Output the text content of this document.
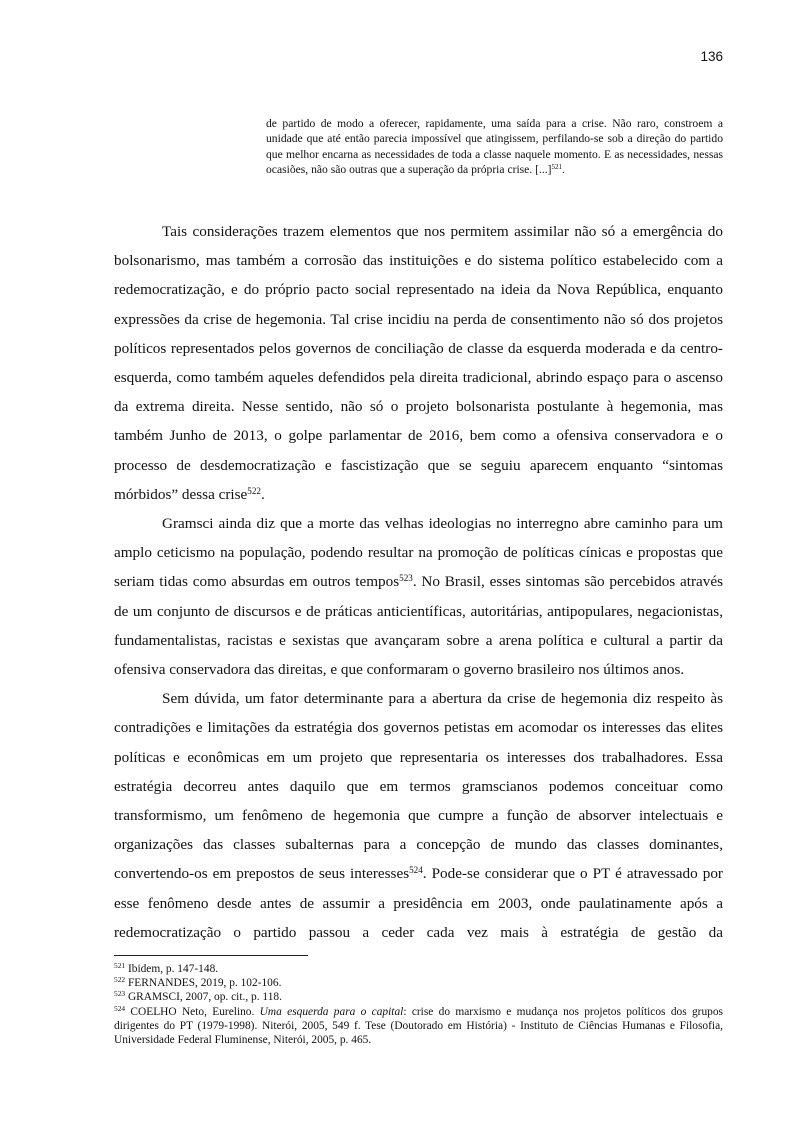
136

de partido de modo a oferecer, rapidamente, uma saída para a crise. Não raro, constroem a unidade que até então parecia impossível que atingissem, perfilando-se sob a direção do partido que melhor encarna as necessidades de toda a classe naquele momento. E as necessidades, nessas ocasiões, não são outras que a superação da própria crise. [...]$^{521}$.

Tais considerações trazem elementos que nos permitem assimilar não só a emergência do bolsonarismo, mas também a corrosão das instituições e do sistema político estabelecido com a redemocratização, e do próprio pacto social representado na ideia da Nova República, enquanto expressões da crise de hegemonia. Tal crise incidiu na perda de consentimento não só dos projetos políticos representados pelos governos de conciliação de classe da esquerda moderada e da centro-esquerda, como também aqueles defendidos pela direita tradicional, abrindo espaço para o ascenso da extrema direita. Nesse sentido, não só o projeto bolsonarista postulante à hegemonia, mas também Junho de 2013, o golpe parlamentar de 2016, bem como a ofensiva conservadora e o processo de desdemocratização e fascistização que se seguiu aparecem enquanto “sintomas mórbidos” dessa crise$^{522}$.

Gramsci ainda diz que a morte das velhas ideologias no interregno abre caminho para um amplo ceticismo na população, podendo resultar na promoção de políticas cínicas e propostas que seriam tidas como absurdas em outros tempos$^{523}$. No Brasil, esses sintomas são percebidos através de um conjunto de discursos e de práticas anticientíficas, autoritárias, antipopulares, negacionistas, fundamentalistas, racistas e sexistas que avançaram sobre a arena política e cultural a partir da ofensiva conservadora das direitas, e que conformaram o governo brasileiro nos últimos anos.

Sem dúvida, um fator determinante para a abertura da crise de hegemonia diz respeito às contradições e limitações da estratégia dos governos petistas em acomodar os interesses das elites políticas e econômicas em um projeto que representaria os interesses dos trabalhadores. Essa estratégia decorreu antes daquilo que em termos gramscianos podemos conceituar como transformismo, um fenômeno de hegemonia que cumpre a função de absorver intelectuais e organizações das classes subalternas para a concepção de mundo das classes dominantes, convertendo-os em prepostos de seus interesses$^{524}$. Pode-se considerar que o PT é atravessado por esse fenômeno desde antes de assumir a presidência em 2003, onde paulatinamente após a redemocratização o partido passou a ceder cada vez mais à estratégia de gestão da

$^{521}$ Ibidem, p. 147-148.

$^{522}$ FERNANDES, 2019, p. 102-106.

$^{523}$ GRAMSCI, 2007, op. cit., p. 118.

$^{524}$ COELHO Neto, Eurelino. Uma esquerda para o capital: crise do marxismo e mudança nos projetos políticos dos grupos dirigentes do PT (1979-1998). Niterói, 2005, 549 f. Tese (Doutorado em História) - Instituto de Ciências Humanas e Filosofia, Universidade Federal Fluminense, Niterói, 2005, p. 465.
